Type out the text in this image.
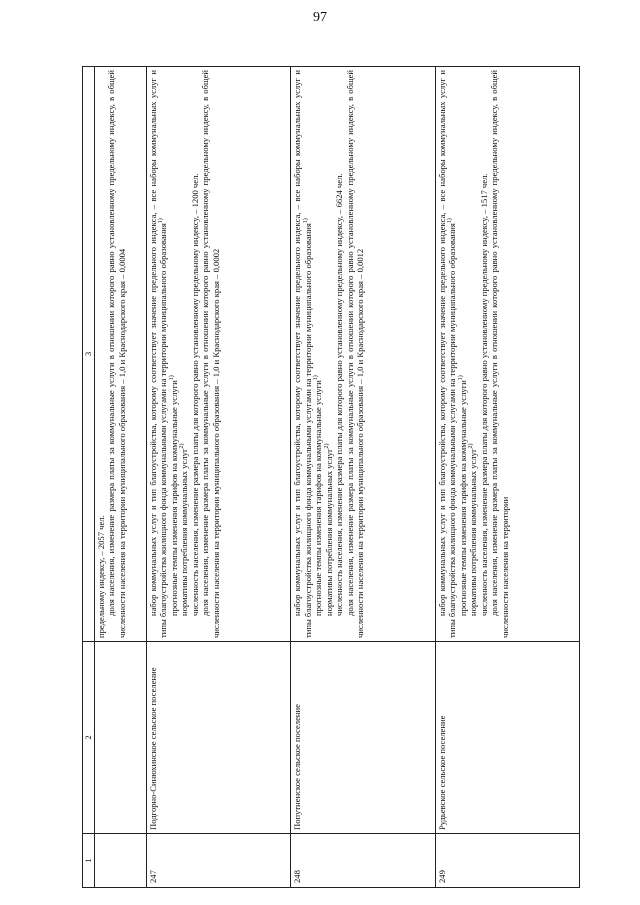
97
1	2	3

		предельному индексу, – 2057 чел. доля населения, изменение размера платы за коммунальные услуги в отношении которого равно установленному предельному индексу, в общей численности населения на территории муниципального образования – 1,0 и Краснодарского края – 0,0004

247	Подгорно-Синюхинское сельское поселение	набор коммунальных услуг и тип благоустройства, которому соответствует значение предельного индекса, – все наборы коммунальных услуг и типы благоустройства жилищного фонда коммунальными услугами на территории муниципального образования$^{1)}$
прогнозные темпы изменения тарифов на коммунальные услуги$^{1)}$
нормативы потребления коммунальных услуг$^{2)}$ численность населения, изменение размера платы для которого равно установленному предельному индексу, – 1200 чел. доля населения, изменение размера платы за коммунальные услуги в отношении которого равно установленному предельному индексу, в общей численности населения на территории муниципального образования – 1,0 и Краснодарского края – 0,0002

248	Попутненское сельское поселение	набор коммунальных услуг и тип благоустройства, которому соответствует значение предельного индекса, – все наборы коммунальных услуг и типы благоустройства жилищного фонда коммунальными услугами на территории муниципального образования$^{1)}$
прогнозные темпы изменения тарифов на коммунальные услуги$^{1)}$
нормативы потребления коммунальных услуг$^{2)}$ численность населения, изменение размера платы для которого равно установленному предельному индексу, – 6624 чел. доля населения, изменение размера платы за коммунальные услуги в отношении которого равно установленному предельному индексу, в общей численности населения на территории муниципального образования – 1,0 и Краснодарского края – 0,0012

249	Рудьевское сельское поселение	набор коммунальных услуг и тип благоустройства, которому соответствует значение предельного индекса, – все наборы коммунальных услуг и типы благоустройства жилищного фонда коммунальными услугами на территории муниципального образования$^{1)}$
прогнозные темпы изменения тарифов на коммунальные услуги$^{1)}$
нормативы потребления коммунальных услуг$^{2)}$ численность населения, изменение размера платы для которого равно установленному предельному индексу, – 1517 чел. доля населения, изменение размера платы за коммунальные услуги в отношении которого равно установленному предельному индексу, в общей численности населения на территории
